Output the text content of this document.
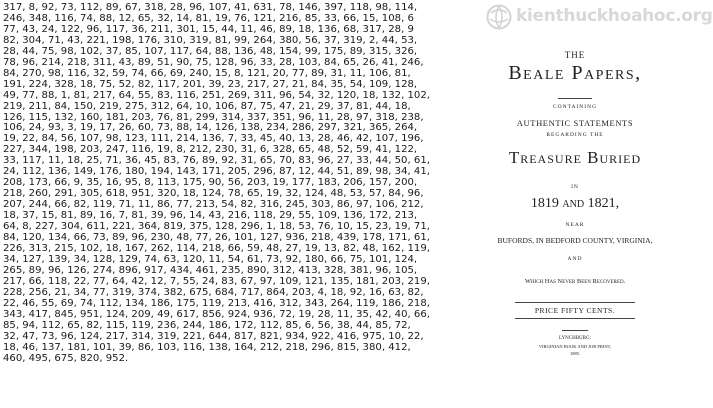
317, 8, 92, 73, 112, 89, 67, 318, 28, 96, 107, 41, 631, 78, 146, 397, 118, 98, 114,
246, 348, 116, 74, 88, 12, 65, 32, 14, 81, 19, 76, 121, 216, 85, 33, 66, 15, 108, 6
77, 43, 24, 122, 96, 117, 36, 211, 301, 15, 44, 11, 46, 89, 18, 136, 68, 317, 28, 9
82, 304, 71, 43, 221, 198, 176, 310, 319, 81, 99, 264, 380, 56, 37, 319, 2, 44, 53,
28, 44, 75, 98, 102, 37, 85, 107, 117, 64, 88, 136, 48, 154, 99, 175, 89, 315, 326,
78, 96, 214, 218, 311, 43, 89, 51, 90, 75, 128, 96, 33, 28, 103, 84, 65, 26, 41, 246,
84, 270, 98, 116, 32, 59, 74, 66, 69, 240, 15, 8, 121, 20, 77, 89, 31, 11, 106, 81,
191, 224, 328, 18, 75, 52, 82, 117, 201, 39, 23, 217, 27, 21, 84, 35, 54, 109, 128,
49, 77, 88, 1, 81, 217, 64, 55, 83, 116, 251, 269, 311, 96, 54, 32, 120, 18, 132, 102,
219, 211, 84, 150, 219, 275, 312, 64, 10, 106, 87, 75, 47, 21, 29, 37, 81, 44, 18,
126, 115, 132, 160, 181, 203, 76, 81, 299, 314, 337, 351, 96, 11, 28, 97, 318, 238,
106, 24, 93, 3, 19, 17, 26, 60, 73, 88, 14, 126, 138, 234, 286, 297, 321, 365, 264,
19, 22, 84, 56, 107, 98, 123, 111, 214, 136, 7, 33, 45, 40, 13, 28, 46, 42, 107, 196,
227, 344, 198, 203, 247, 116, 19, 8, 212, 230, 31, 6, 328, 65, 48, 52, 59, 41, 122,
33, 117, 11, 18, 25, 71, 36, 45, 83, 76, 89, 92, 31, 65, 70, 83, 96, 27, 33, 44, 50, 61,
24, 112, 136, 149, 176, 180, 194, 143, 171, 205, 296, 87, 12, 44, 51, 89, 98, 34, 41,
208, 173, 66, 9, 35, 16, 95, 8, 113, 175, 90, 56, 203, 19, 177, 183, 206, 157, 200,
218, 260, 291, 305, 618, 951, 320, 18, 124, 78, 65, 19, 32, 124, 48, 53, 57, 84, 96,
207, 244, 66, 82, 119, 71, 11, 86, 77, 213, 54, 82, 316, 245, 303, 86, 97, 106, 212,
18, 37, 15, 81, 89, 16, 7, 81, 39, 96, 14, 43, 216, 118, 29, 55, 109, 136, 172, 213,
64, 8, 227, 304, 611, 221, 364, 819, 375, 128, 296, 1, 18, 53, 76, 10, 15, 23, 19, 71,
84, 120, 134, 66, 73, 89, 96, 230, 48, 77, 26, 101, 127, 936, 218, 439, 178, 171, 61,
226, 313, 215, 102, 18, 167, 262, 114, 218, 66, 59, 48, 27, 19, 13, 82, 48, 162, 119,
34, 127, 139, 34, 128, 129, 74, 63, 120, 11, 54, 61, 73, 92, 180, 66, 75, 101, 124,
265, 89, 96, 126, 274, 896, 917, 434, 461, 235, 890, 312, 413, 328, 381, 96, 105,
217, 66, 118, 22, 77, 64, 42, 12, 7, 55, 24, 83, 67, 97, 109, 121, 135, 181, 203, 219,
228, 256, 21, 34, 77, 319, 374, 382, 675, 684, 717, 864, 203, 4, 18, 92, 16, 63, 82,
22, 46, 55, 69, 74, 112, 134, 186, 175, 119, 213, 416, 312, 343, 264, 119, 186, 218,
343, 417, 845, 951, 124, 209, 49, 617, 856, 924, 936, 72, 19, 28, 11, 35, 42, 40, 66,
85, 94, 112, 65, 82, 115, 119, 236, 244, 186, 172, 112, 85, 6, 56, 38, 44, 85, 72,
32, 47, 73, 96, 124, 217, 314, 319, 221, 644, 817, 821, 934, 922, 416, 975, 10, 22,
18, 46, 137, 181, 101, 39, 86, 103, 116, 138, 164, 212, 218, 296, 815, 380, 412,
460, 495, 675, 820, 952.
THE
Beale Papers,
CONTAINING
AUTHENTIC STATEMENTS
REGARDING THE
Treasure Buried
IN
1819 and 1821,
NEAR
BUFORDS, IN BEDFORD COUNTY, VIRGINIA,
AND
Which Has Never Been Recovered.
PRICE FIFTY CENTS.
LYNCHBURG:
VIRGINIAN BOOK AND JOB PRINT,
1885.
kienthuckhoahoc.org
